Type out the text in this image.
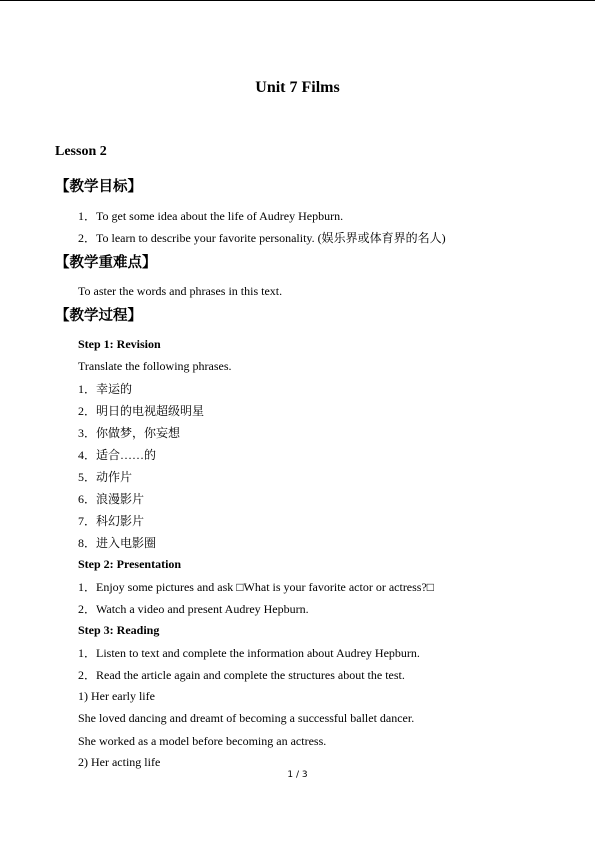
Unit 7 Films
Lesson 2
【教学目标】
1．To get some idea about the life of Audrey Hepburn.
2．To learn to describe your favorite personality. (娱乐界或体育界的名人)
【教学重难点】
To aster the words and phrases in this text.
【教学过程】
Step 1: Revision
Translate the following phrases.
1．幸运的
2．明日的电视超级明星
3．你做梦，你妄想
4．适合……的
5．动作片
6．浪漫影片
7．科幻影片
8．进入电影圈
Step 2: Presentation
1．Enjoy some pictures and ask □What is your favorite actor or actress?□
2．Watch a video and present Audrey Hepburn.
Step 3: Reading
1．Listen to text and complete the information about Audrey Hepburn.
2．Read the article again and complete the structures about the test.
1) Her early life
She loved dancing and dreamt of becoming a successful ballet dancer.
She worked as a model before becoming an actress.
2) Her acting life
1 / 3
